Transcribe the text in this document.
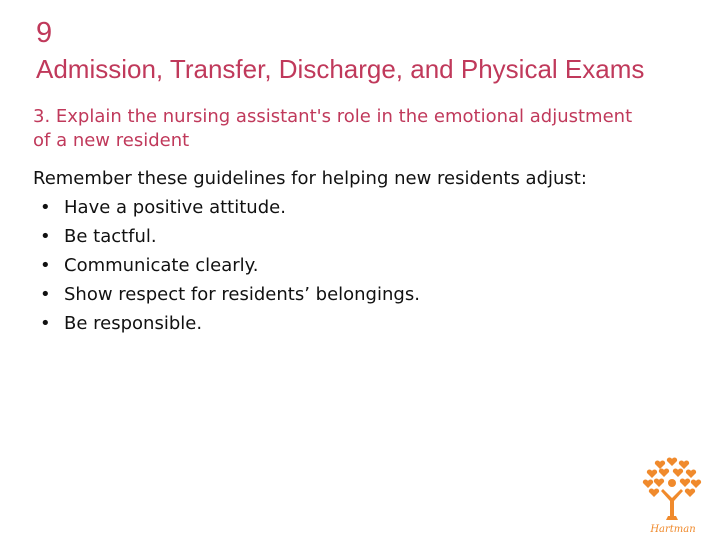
9
Admission, Transfer, Discharge, and Physical Exams
3. Explain the nursing assistant's role in the emotional adjustment of a new resident
Remember these guidelines for helping new residents adjust:
• Have a positive attitude.
• Be tactful.
• Communicate clearly.
• Show respect for residents’ belongings.
• Be responsible.
Hartman
